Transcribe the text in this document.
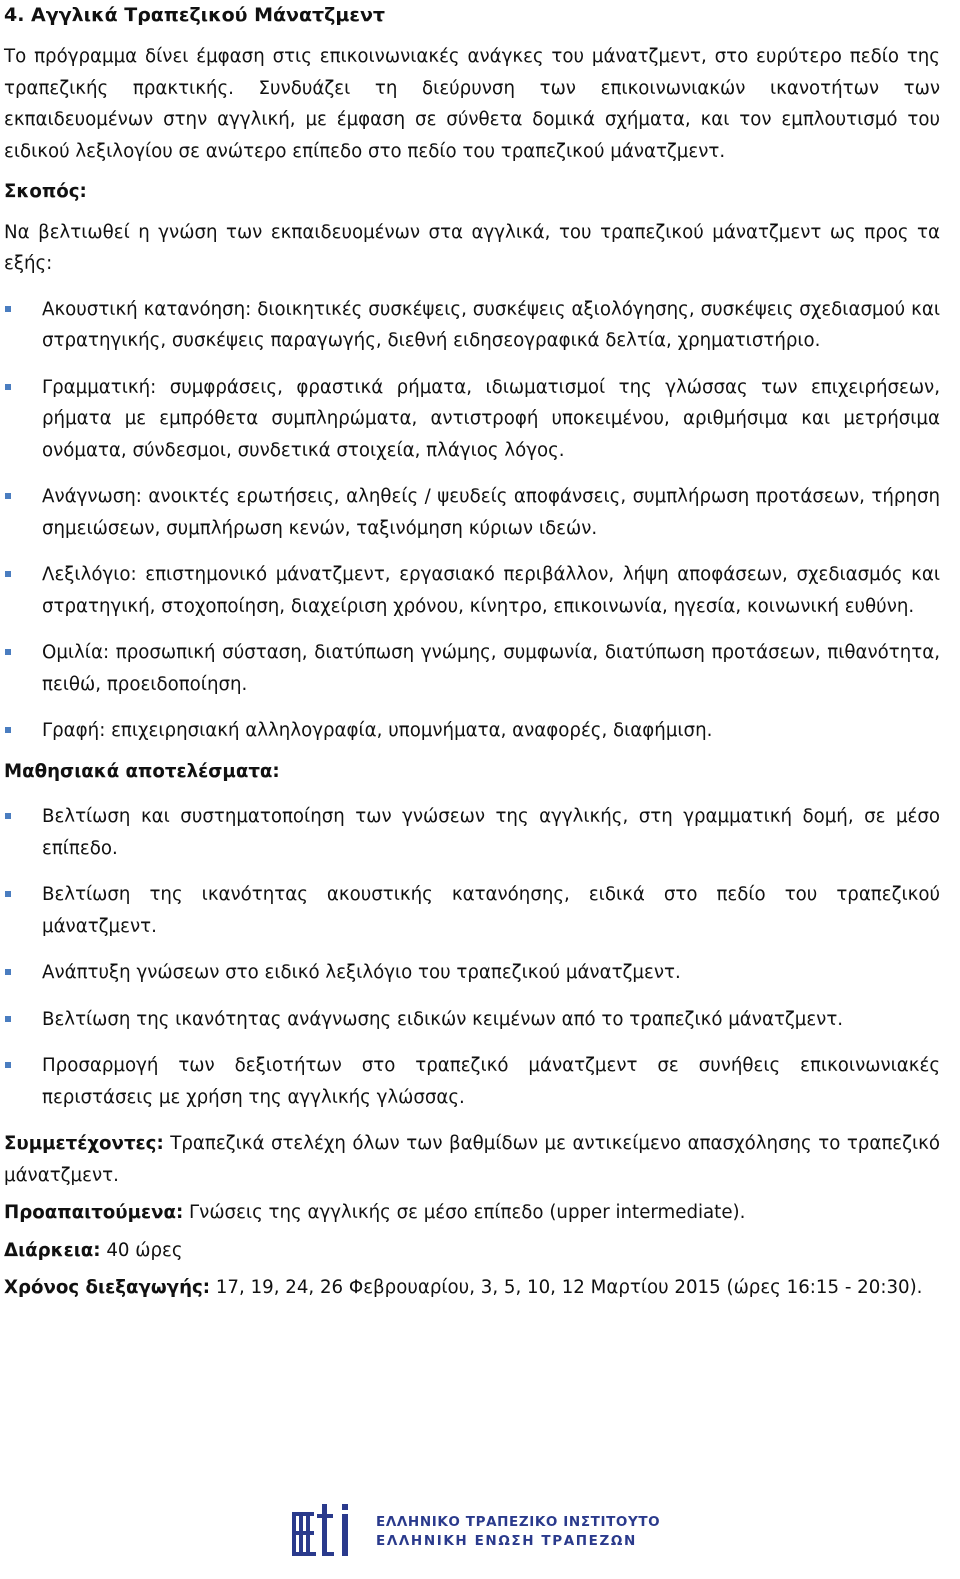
4. Αγγλικά Τραπεζικού Μάνατζμεντ

Το πρόγραμμα δίνει έμφαση στις επικοινωνιακές ανάγκες του μάνατζμεντ, στο ευρύτερο πεδίο της τραπεζικής πρακτικής. Συνδυάζει τη διεύρυνση των επικοινωνιακών ικανοτήτων των εκπαιδευομένων στην αγγλική, με έμφαση σε σύνθετα δομικά σχήματα, και τον εμπλουτισμό του ειδικού λεξιλογίου σε ανώτερο επίπεδο στο πεδίο του τραπεζικού μάνατζμεντ.

Σκοπός:

Να βελτιωθεί η γνώση των εκπαιδευομένων στα αγγλικά, του τραπεζικού μάνατζμεντ ως προς τα εξής:

Ακουστική κατανόηση: διοικητικές συσκέψεις, συσκέψεις αξιολόγησης, συσκέψεις σχεδιασμού και στρατηγικής, συσκέψεις παραγωγής, διεθνή ειδησεογραφικά δελτία, χρηματιστήριο.
Γραμματική: συμφράσεις, φραστικά ρήματα, ιδιωματισμοί της γλώσσας των επιχειρήσεων, ρήματα με εμπρόθετα συμπληρώματα, αντιστροφή υποκειμένου, αριθμήσιμα και μετρήσιμα ονόματα, σύνδεσμοι, συνδετικά στοιχεία, πλάγιος λόγος.
Ανάγνωση: ανοικτές ερωτήσεις, αληθείς / ψευδείς αποφάνσεις, συμπλήρωση προτάσεων, τήρηση σημειώσεων, συμπλήρωση κενών, ταξινόμηση κύριων ιδεών.
Λεξιλόγιο: επιστημονικό μάνατζμεντ, εργασιακό περιβάλλον, λήψη αποφάσεων, σχεδιασμός και στρατηγική, στοχοποίηση, διαχείριση χρόνου, κίνητρο, επικοινωνία, ηγεσία, κοινωνική ευθύνη.
Ομιλία: προσωπική σύσταση, διατύπωση γνώμης, συμφωνία, διατύπωση προτάσεων, πιθανότητα, πειθώ, προειδοποίηση.
Γραφή: επιχειρησιακή αλληλογραφία, υπομνήματα, αναφορές, διαφήμιση.

Μαθησιακά αποτελέσματα:

Βελτίωση και συστηματοποίηση των γνώσεων της αγγλικής, στη γραμματική δομή, σε μέσο επίπεδο.
Βελτίωση της ικανότητας ακουστικής κατανόησης, ειδικά στο πεδίο του τραπεζικού μάνατζμεντ.
Ανάπτυξη γνώσεων στο ειδικό λεξιλόγιο του τραπεζικού μάνατζμεντ.
Βελτίωση της ικανότητας ανάγνωσης ειδικών κειμένων από το τραπεζικό μάνατζμεντ.
Προσαρμογή των δεξιοτήτων στο τραπεζικό μάνατζμεντ σε συνήθεις επικοινωνιακές περιστάσεις με χρήση της αγγλικής γλώσσας.

Συμμετέχοντες: Τραπεζικά στελέχη όλων των βαθμίδων με αντικείμενο απασχόλησης το τραπεζικό μάνατζμεντ.

Προαπαιτούμενα: Γνώσεις της αγγλικής σε μέσο επίπεδο (upper intermediate).

Διάρκεια: 40 ώρες

Χρόνος διεξαγωγής: 17, 19, 24, 26 Φεβρουαρίου, 3, 5, 10, 12 Μαρτίου 2015 (ώρες 16:15 - 20:30).

ΕΛΛΗΝΙΚΟ ΤΡΑΠΕΖΙΚΟ ΙΝΣΤΙΤΟΥΤΟ
ΕΛΛΗΝΙΚΗ ΕΝΩΣΗ ΤΡΑΠΕΖΩΝ
